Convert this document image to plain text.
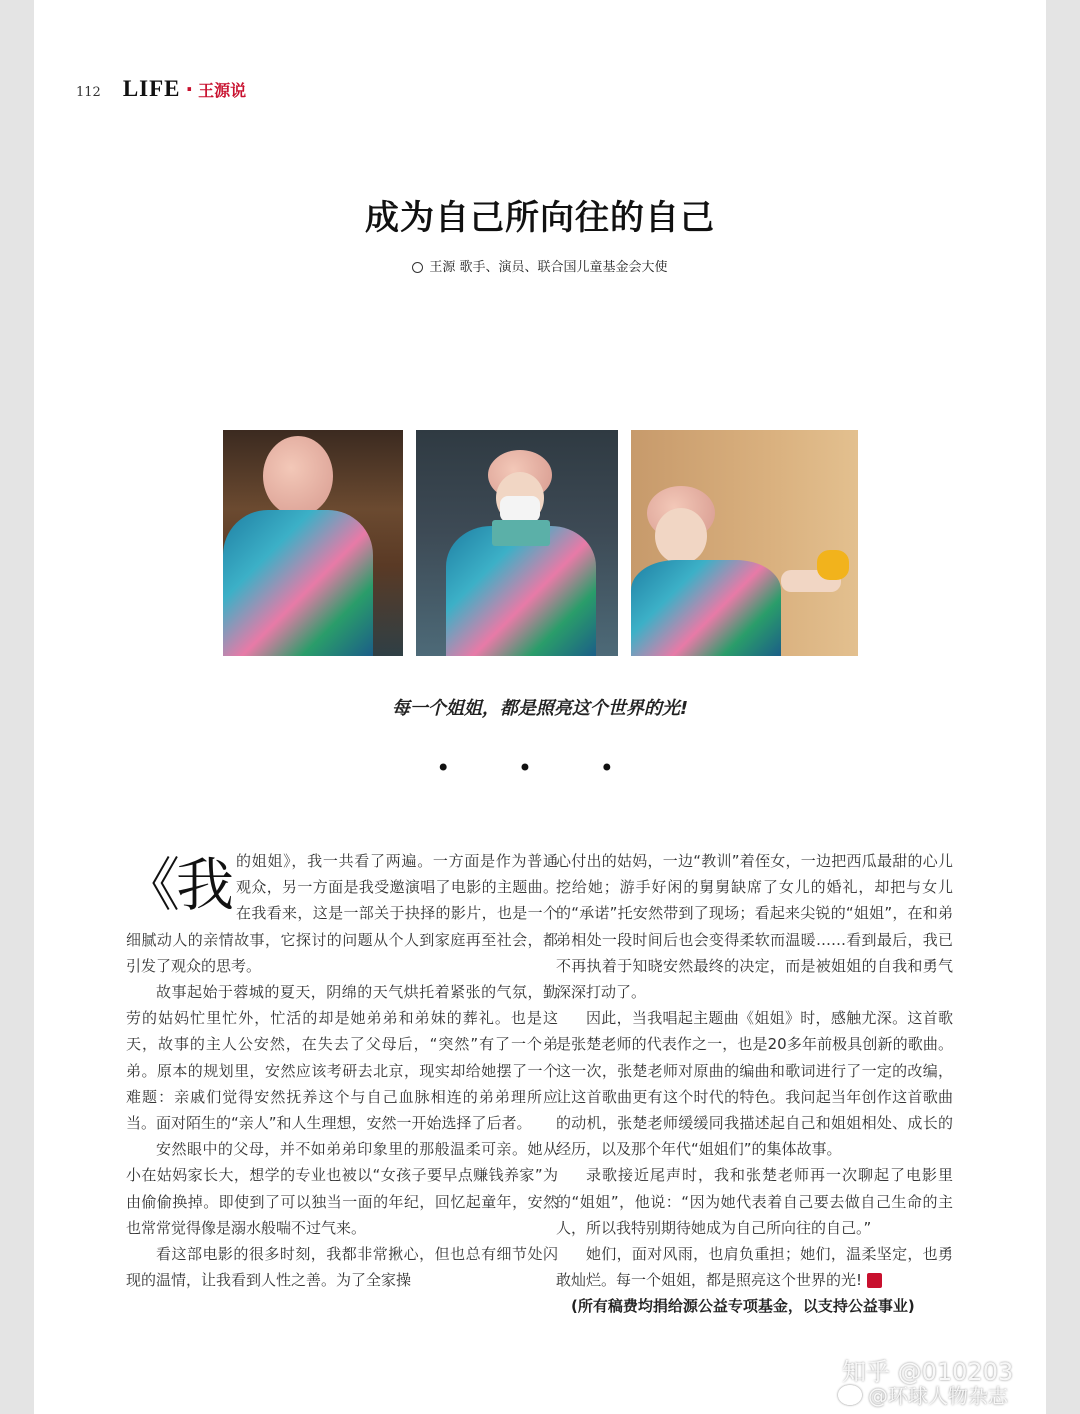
112 LIFE · 王源说
成为自己所向往的自己
王源 歌手、演员、联合国儿童基金会大使
每一个姐姐，都是照亮这个世界的光!
• • •

《我的姐姐》，我一共看了两遍。一方面是作为普通观众，另一方面是我受邀演唱了电影的主题曲。在我看来，这是一部关于抉择的影片，也是一个细腻动人的亲情故事，它探讨的问题从个人到家庭再至社会，都引发了观众的思考。

故事起始于蓉城的夏天，阴绵的天气烘托着紧张的气氛，勤劳的姑妈忙里忙外，忙活的却是她弟弟和弟妹的葬礼。也是这天，故事的主人公安然，在失去了父母后，“突然”有了一个弟弟。原本的规划里，安然应该考研去北京，现实却给她摆了一个难题：亲戚们觉得安然抚养这个与自己血脉相连的弟弟理所应当。面对陌生的“亲人”和人生理想，安然一开始选择了后者。

安然眼中的父母，并不如弟弟印象里的那般温柔可亲。她从小在姑妈家长大，想学的专业也被以“女孩子要早点赚钱养家”为由偷偷换掉。即使到了可以独当一面的年纪，回忆起童年，安然也常常觉得像是溺水般喘不过气来。

看这部电影的很多时刻，我都非常揪心，但也总有细节处闪现的温情，让我看到人性之善。为了全家操

心付出的姑妈，一边“教训”着侄女，一边把西瓜最甜的心儿挖给她；游手好闲的舅舅缺席了女儿的婚礼，却把与女儿的“承诺”托安然带到了现场；看起来尖锐的“姐姐”，在和弟弟相处一段时间后也会变得柔软而温暖……看到最后，我已不再执着于知晓安然最终的决定，而是被姐姐的自我和勇气深深打动了。

因此，当我唱起主题曲《姐姐》时，感触尤深。这首歌是张楚老师的代表作之一，也是20多年前极具创新的歌曲。这一次，张楚老师对原曲的编曲和歌词进行了一定的改编，让这首歌曲更有这个时代的特色。我问起当年创作这首歌曲的动机，张楚老师缓缓同我描述起自己和姐姐相处、成长的经历，以及那个年代“姐姐们”的集体故事。

录歌接近尾声时，我和张楚老师再一次聊起了电影里的“姐姐”，他说：“因为她代表着自己要去做自己生命的主人，所以我特别期待她成为自己所向往的自己。”

她们，面对风雨，也肩负重担；她们，温柔坚定，也勇敢灿烂。每一个姐姐，都是照亮这个世界的光!	G

(所有稿费均捐给源公益专项基金，以支持公益事业)

知乎 @010203
@环球人物杂志
